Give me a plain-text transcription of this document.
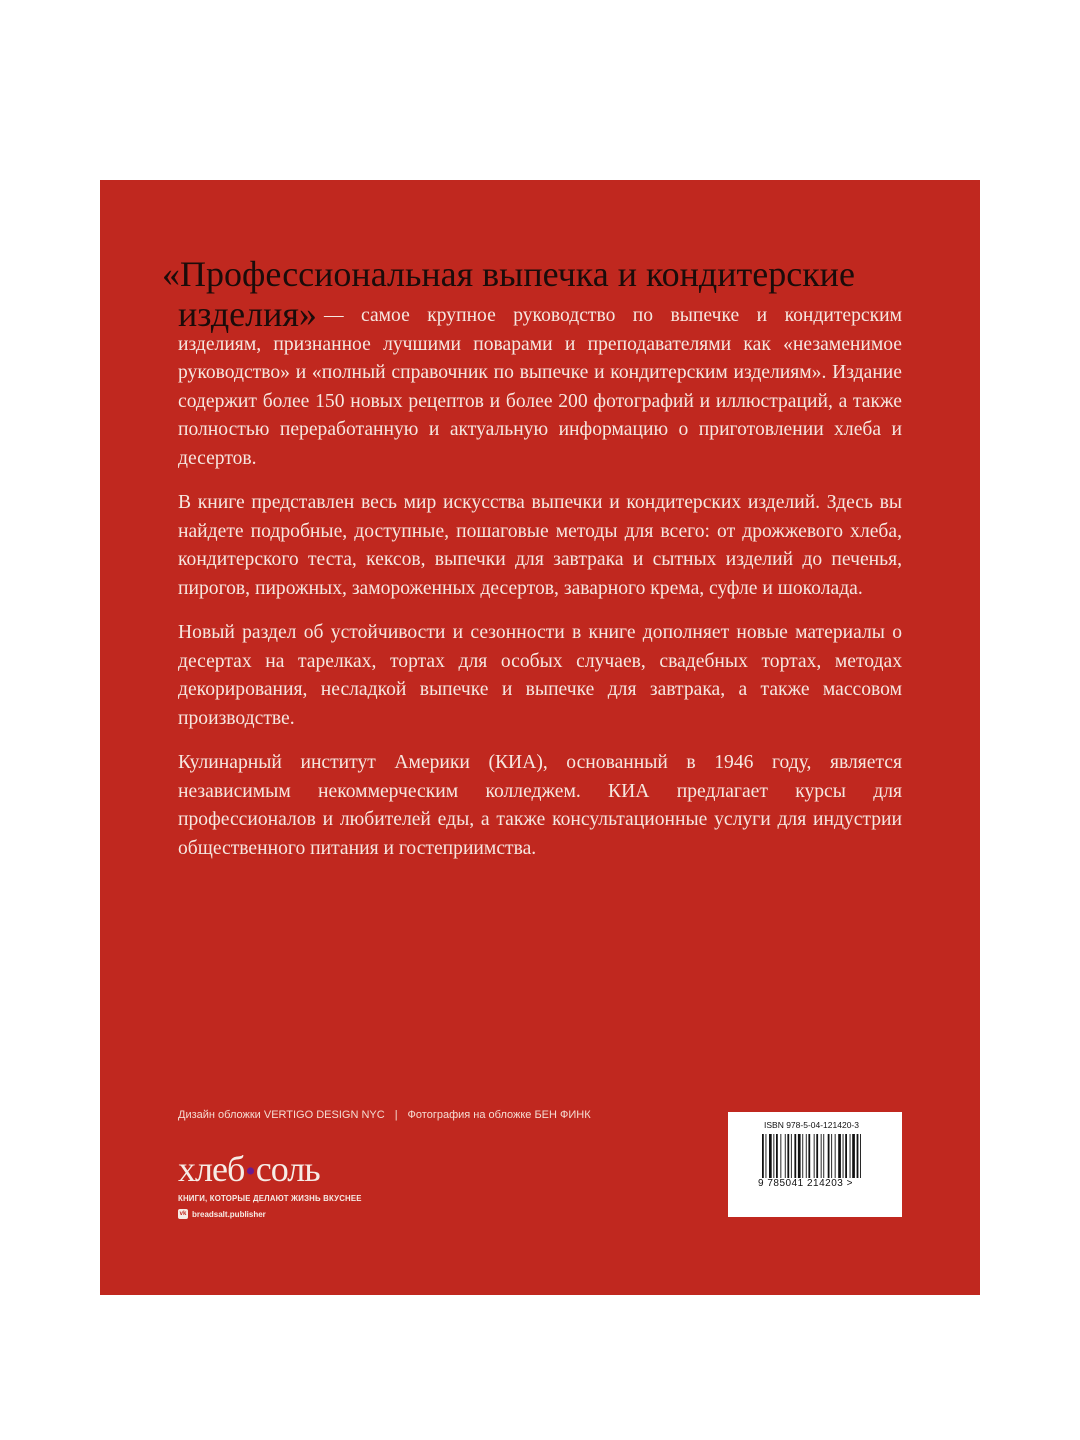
«Профессиональная выпечка и кондитерские
изделия» — самое крупное руководство по выпечке и кондитерским изделиям, признанное лучшими поварами и преподавателями как «незаменимое руководство» и «полный справочник по выпечке и кондитерским изделиям». Издание содержит более 150 новых рецептов и более 200 фотографий и иллюстраций, а также полностью переработанную и актуальную информацию о приготовлении хлеба и десертов.

В книге представлен весь мир искусства выпечки и кондитерских изделий. Здесь вы найдете подробные, доступные, пошаговые методы для всего: от дрожжевого хлеба, кондитерского теста, кексов, выпечки для завтрака и сытных изделий до печенья, пирогов, пирожных, замороженных десертов, заварного крема, суфле и шоколада.

Новый раздел об устойчивости и сезонности в книге дополняет новые материалы о десертах на тарелках, тортах для особых случаев, свадебных тортах, методах декорирования, несладкой выпечке и выпечке для завтрака, а также массовом производстве.

Кулинарный институт Америки (КИА), основанный в 1946 году, является независимым некоммерческим колледжем. КИА предлагает курсы для профессионалов и любителей еды, а также консультационные услуги для индустрии общественного питания и гостеприимства.

Дизайн обложки VERTIGO DESIGN NYC | Фотография на обложке БЕН ФИНК
хлеб•соль
КНИГИ, КОТОРЫЕ ДЕЛАЮТ ЖИЗНЬ ВКУСНЕЕ
vk breadsalt.publisher
ISBN 978-5-04-121420-3
9 785041 214203 >
